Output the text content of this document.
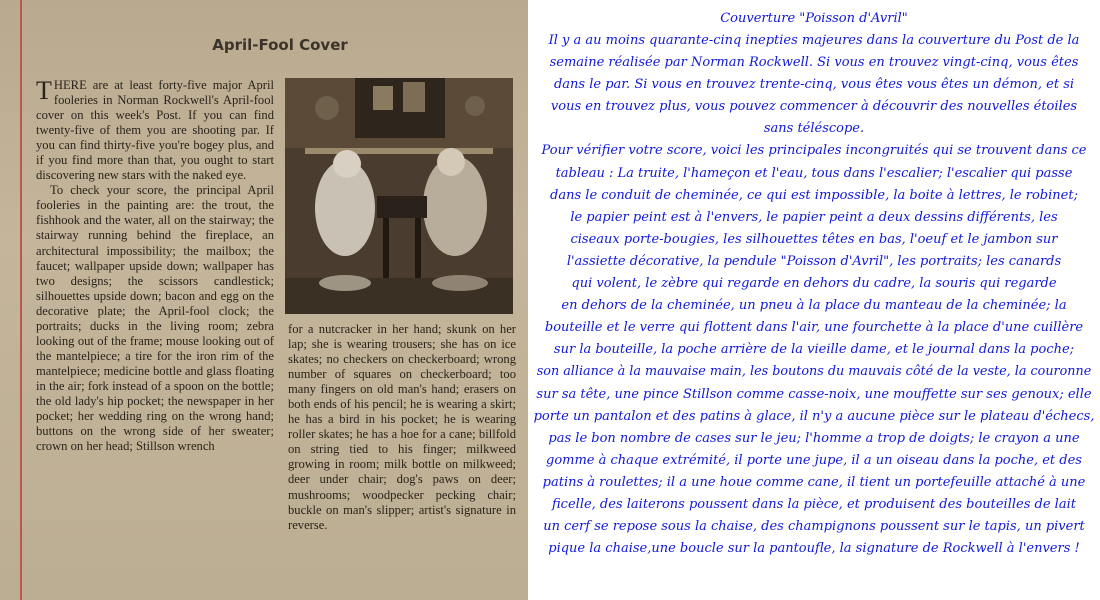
April-Fool Cover

THERE are at least forty-five major April fooleries in Norman Rockwell's April-fool cover on this week's Post. If you can find twenty-five of them you are shooting par. If you can find thirty-five you're bogey plus, and if you find more than that, you ought to start discovering new stars with the naked eye.

To check your score, the principal April fooleries in the painting are: the trout, the fishhook and the water, all on the stairway; the stairway running behind the fireplace, an architectural impossibility; the mailbox; the faucet; wallpaper upside down; wallpaper has two designs; the scissors candlestick; silhouettes upside down; bacon and egg on the decorative plate; the April-fool clock; the portraits; ducks in the living room; zebra looking out of the frame; mouse looking out of the mantelpiece; a tire for the iron rim of the mantelpiece; medicine bottle and glass floating in the air; fork instead of a spoon on the bottle; the old lady's hip pocket; the newspaper in her pocket; her wedding ring on the wrong hand; buttons on the wrong side of her sweater; crown on her head; Stillson wrench

for a nutcracker in her hand; skunk on her lap; she is wearing trousers; she has on ice skates; no checkers on checkerboard; wrong number of squares on checkerboard; too many fingers on old man's hand; erasers on both ends of his pencil; he is wearing a skirt; he has a bird in his pocket; he is wearing roller skates; he has a hoe for a cane; billfold on string tied to his finger; milkweed growing in room; milk bottle on milkweed; deer under chair; dog's paws on deer; mushrooms; woodpecker pecking chair; buckle on man's slipper; artist's signature in reverse.
Couverture "Poisson d'Avril"
Il y a au moins quarante-cinq inepties majeures dans la couverture du Post de la
semaine réalisée par Norman Rockwell. Si vous en trouvez vingt-cinq, vous êtes
dans le par. Si vous en trouvez trente-cinq, vous êtes vous êtes un démon, et si
vous en trouvez plus, vous pouvez commencer à découvrir des nouvelles étoiles
sans téléscope.
Pour vérifier votre score, voici les principales incongruités qui se trouvent dans ce
tableau : La truite, l'hameçon et l'eau, tous dans l'escalier; l'escalier qui passe
dans le conduit de cheminée, ce qui est impossible, la boite à lettres, le robinet;
le papier peint est à l'envers, le papier peint a deux dessins différents, les
ciseaux porte-bougies, les silhouettes têtes en bas, l'oeuf et le jambon sur
l'assiette décorative, la pendule "Poisson d'Avril", les portraits; les canards
qui volent, le zèbre qui regarde en dehors du cadre, la souris qui regarde
en dehors de la cheminée, un pneu à la place du manteau de la cheminée; la
bouteille et le verre qui flottent dans l'air, une fourchette à la place d'une cuillère
sur la bouteille, la poche arrière de la vieille dame, et le journal dans la poche;
son alliance à la mauvaise main, les boutons du mauvais côté de la veste, la couronne
sur sa tête, une pince Stillson comme casse-noix, une mouffette sur ses genoux; elle
porte un pantalon et des patins à glace, il n'y a aucune pièce sur le plateau d'échecs,
pas le bon nombre de cases sur le jeu; l'homme a trop de doigts; le crayon a une
gomme à chaque extrémité, il porte une jupe, il a un oiseau dans la poche, et des
patins à roulettes; il a une houe comme cane, il tient un portefeuille attaché à une
ficelle, des laiterons poussent dans la pièce, et produisent des bouteilles de lait
un cerf se repose sous la chaise, des champignons poussent sur le tapis, un pivert
pique la chaise,une boucle sur la pantoufle, la signature de Rockwell à l'envers !
